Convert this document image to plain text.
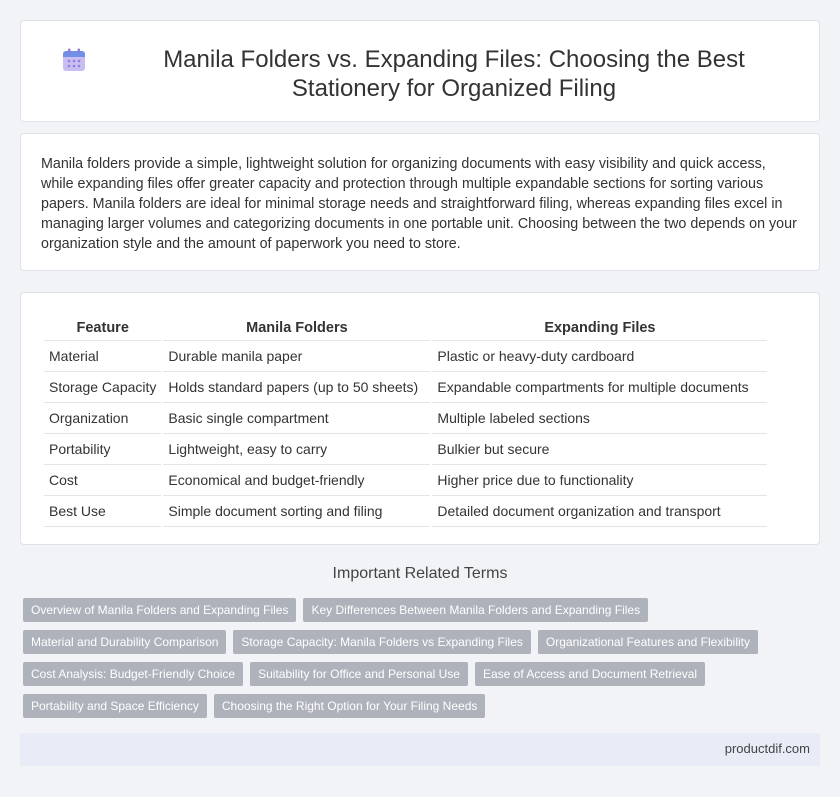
Manila Folders vs. Expanding Files: Choosing the Best Stationery for Organized Filing

Manila folders provide a simple, lightweight solution for organizing documents with easy visibility and quick access, while expanding files offer greater capacity and protection through multiple expandable sections for sorting various papers. Manila folders are ideal for minimal storage needs and straightforward filing, whereas expanding files excel in managing larger volumes and categorizing documents in one portable unit. Choosing between the two depends on your organization style and the amount of paperwork you need to store.

Feature	Manila Folders	Expanding Files
Material	Durable manila paper	Plastic or heavy-duty cardboard
Storage Capacity	Holds standard papers (up to 50 sheets)	Expandable compartments for multiple documents
Organization	Basic single compartment	Multiple labeled sections
Portability	Lightweight, easy to carry	Bulkier but secure
Cost	Economical and budget-friendly	Higher price due to functionality
Best Use	Simple document sorting and filing	Detailed document organization and transport
Important Related Terms
Overview of Manila Folders and Expanding Files	Key Differences Between Manila Folders and Expanding Files
Material and Durability Comparison	Storage Capacity: Manila Folders vs Expanding Files	Organizational Features and Flexibility
Cost Analysis: Budget-Friendly Choice	Suitability for Office and Personal Use	Ease of Access and Document Retrieval
Portability and Space Efficiency	Choosing the Right Option for Your Filing Needs
productdif.com
